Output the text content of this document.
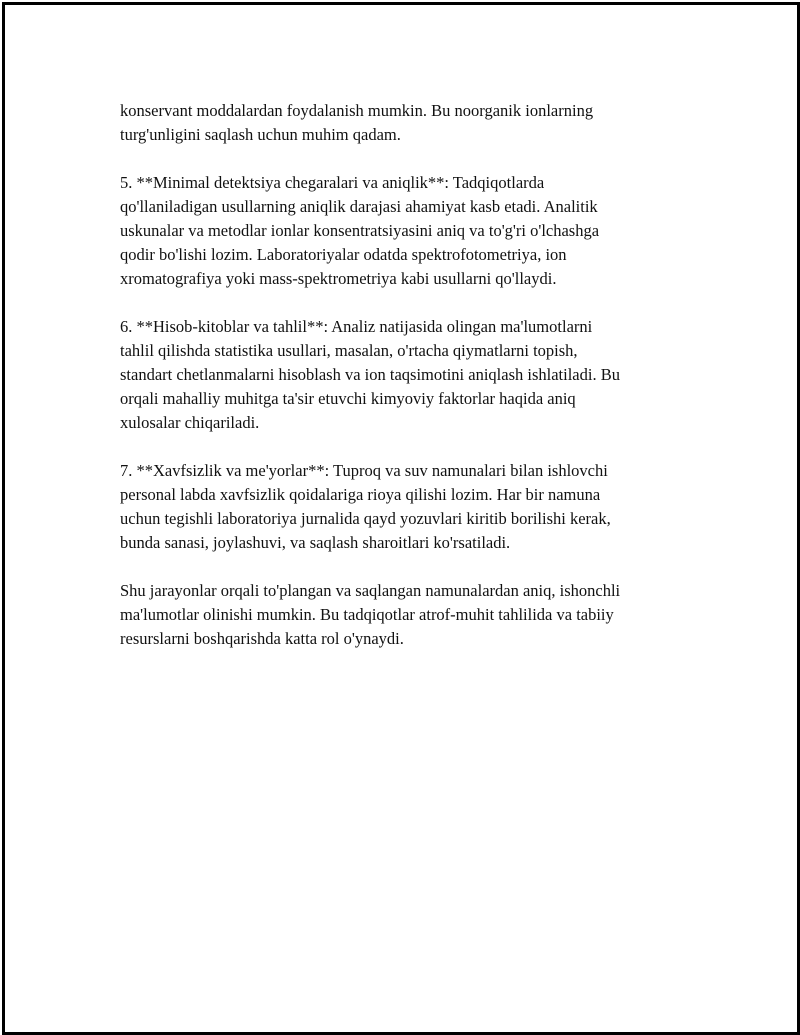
konservant moddalardan foydalanish mumkin. Bu noorganik ionlarning
turg'unligini saqlash uchun muhim qadam.

5. **Minimal detektsiya chegaralari va aniqlik**: Tadqiqotlarda
qo'llaniladigan usullarning aniqlik darajasi ahamiyat kasb etadi. Analitik
uskunalar va metodlar ionlar konsentratsiyasini aniq va to'g'ri o'lchashga
qodir bo'lishi lozim. Laboratoriyalar odatda spektrofotometriya, ion
xromatografiya yoki mass-spektrometriya kabi usullarni qo'llaydi.

6. **Hisob-kitoblar va tahlil**: Analiz natijasida olingan ma'lumotlarni
tahlil qilishda statistika usullari, masalan, o'rtacha qiymatlarni topish,
standart chetlanmalarni hisoblash va ion taqsimotini aniqlash ishlatiladi. Bu
orqali mahalliy muhitga ta'sir etuvchi kimyoviy faktorlar haqida aniq
xulosalar chiqariladi.

7. **Xavfsizlik va me'yorlar**: Tuproq va suv namunalari bilan ishlovchi
personal labda xavfsizlik qoidalariga rioya qilishi lozim. Har bir namuna
uchun tegishli laboratoriya jurnalida qayd yozuvlari kiritib borilishi kerak,
bunda sanasi, joylashuvi, va saqlash sharoitlari ko'rsatiladi.

Shu jarayonlar orqali to'plangan va saqlangan namunalardan aniq, ishonchli
ma'lumotlar olinishi mumkin. Bu tadqiqotlar atrof-muhit tahlilida va tabiiy
resurslarni boshqarishda katta rol o'ynaydi.
